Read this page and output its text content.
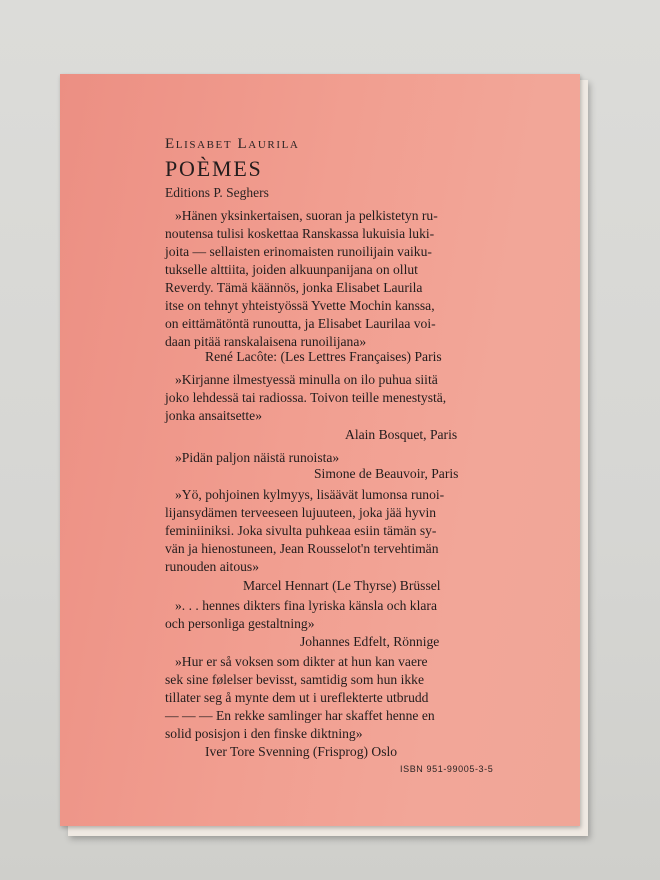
Elisabet Laurila
POÈMES
Editions P. Seghers
»Hänen yksinkertaisen, suoran ja pelkistetyn ru-
noutensa tulisi koskettaa Ranskassa lukuisia luki-
joita — sellaisten erinomaisten runoilijain vaiku-
tukselle alttiita, joiden alkuunpanijana on ollut
Reverdy. Tämä käännös, jonka Elisabet Laurila
itse on tehnyt yhteistyössä Yvette Mochin kanssa,
on eittämätöntä runoutta, ja Elisabet Laurilaa voi-
daan pitää ranskalaisena runoilijana»
René Lacôte: (Les Lettres Françaises) Paris
»Kirjanne ilmestyessä minulla on ilo puhua siitä
joko lehdessä tai radiossa. Toivon teille menestystä,
jonka ansaitsette»
Alain Bosquet, Paris
»Pidän paljon näistä runoista»
Simone de Beauvoir, Paris
»Yö, pohjoinen kylmyys, lisäävät lumonsa runoi-
lijansydämen terveeseen lujuuteen, joka jää hyvin
feminiiniksi. Joka sivulta puhkeaa esiin tämän sy-
vän ja hienostuneen, Jean Rousselot'n tervehtimän
runouden aitous»
Marcel Hennart (Le Thyrse) Brüssel
». . . hennes dikters fina lyriska känsla och klara
och personliga gestaltning»
Johannes Edfelt, Rönnige
»Hur er så voksen som dikter at hun kan vaere
sek sine følelser bevisst, samtidig som hun ikke
tillater seg å mynte dem ut i ureflekterte utbrudd
— — — En rekke samlinger har skaffet henne en
solid posisjon i den finske diktning»
Iver Tore Svenning (Frisprog) Oslo
ISBN 951-99005-3-5
